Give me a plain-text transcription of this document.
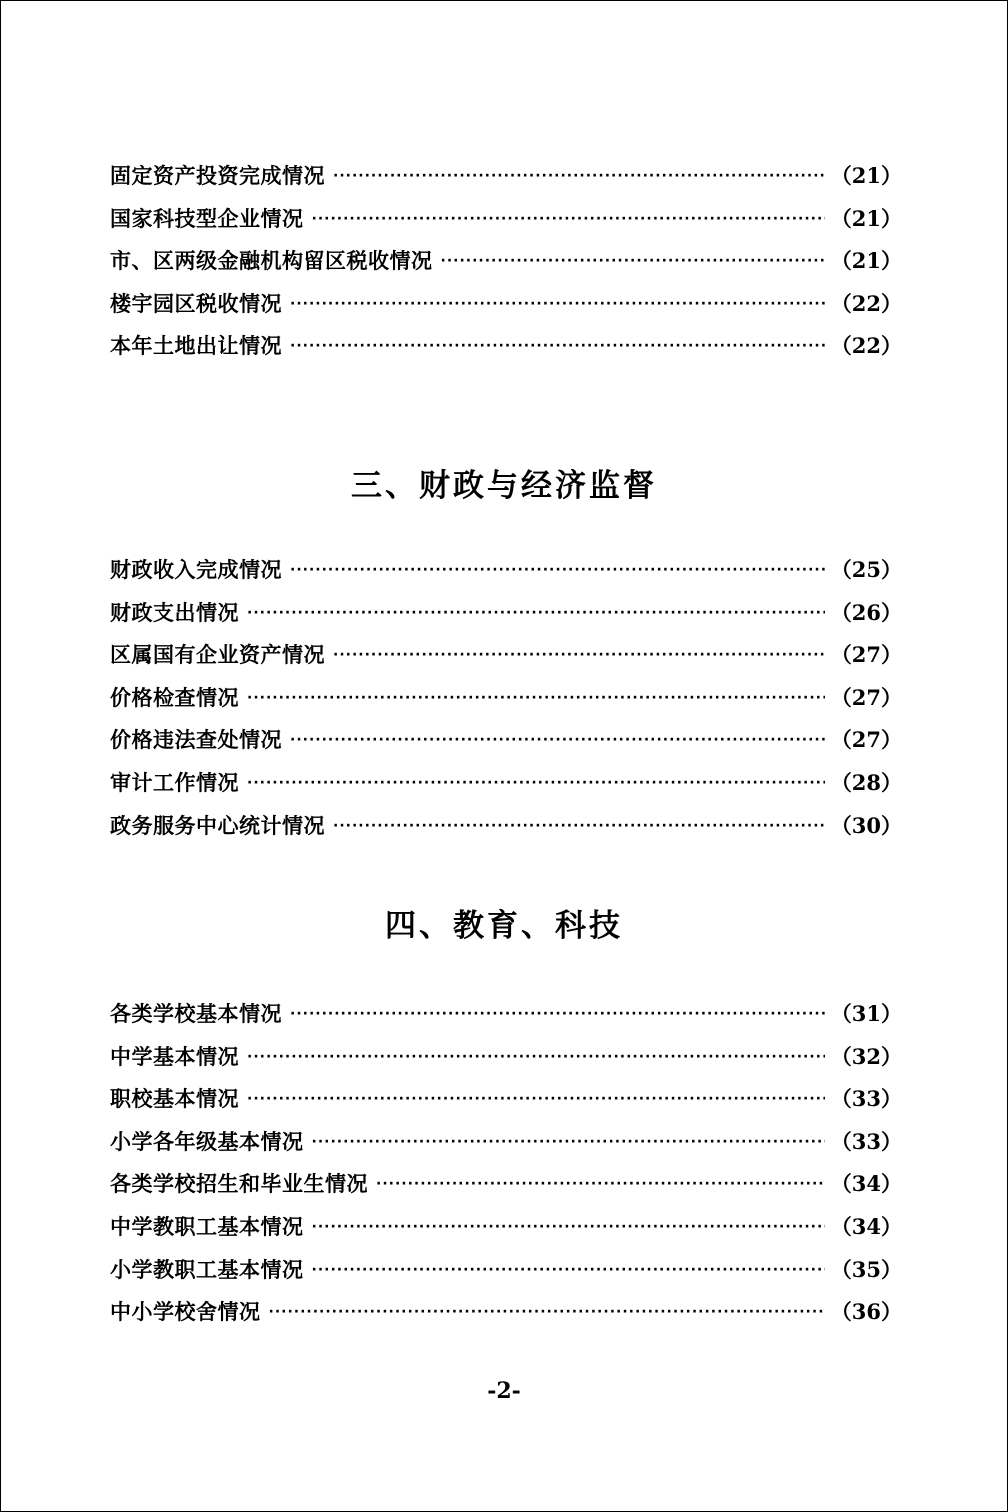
固定资产投资完成情况 ·····	（21）
国家科技型企业情况 ·····	（21）
市、区两级金融机构留区税收情况 ·····	（21）
楼宇园区税收情况 ·····	（22）
本年土地出让情况 ·····	（22）
三、财政与经济监督
财政收入完成情况 ·····	（25）
财政支出情况 ·····	（26）
区属国有企业资产情况 ·····	（27）
价格检查情况 ·····	（27）
价格违法查处情况 ·····	（27）
审计工作情况 ·····	（28）
政务服务中心统计情况 ·····	（30）
四、教育、科技
各类学校基本情况 ·····	（31）
中学基本情况 ·····	（32）
职校基本情况 ·····	（33）
小学各年级基本情况 ·····	（33）
各类学校招生和毕业生情况 ·····	（34）
中学教职工基本情况 ·····	（34）
小学教职工基本情况 ·····	（35）
中小学校舍情况 ·····	（36）
-2-
